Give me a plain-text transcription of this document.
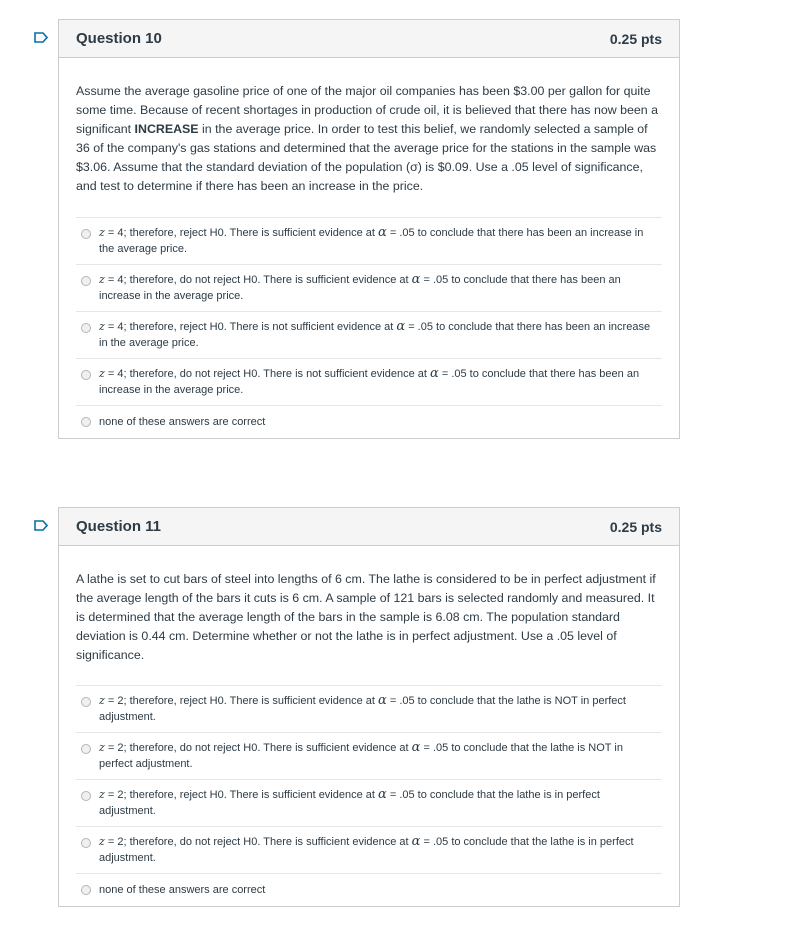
Question 10	0.25 pts
Assume the average gasoline price of one of the major oil companies has been $3.00 per gallon for quite some time. Because of recent shortages in production of crude oil, it is believed that there has now been a significant INCREASE in the average price. In order to test this belief, we randomly selected a sample of 36 of the company's gas stations and determined that the average price for the stations in the sample was $3.06. Assume that the standard deviation of the population (σ) is $0.09. Use a .05 level of significance, and test to determine if there has been an increase in the price.
z = 4; therefore, reject H0. There is sufficient evidence at α = .05 to conclude that there has been an increase in the average price.
z = 4; therefore, do not reject H0. There is sufficient evidence at α = .05 to conclude that there has been an increase in the average price.
z = 4; therefore, reject H0. There is not sufficient evidence at α = .05 to conclude that there has been an increase in the average price.
z = 4; therefore, do not reject H0. There is not sufficient evidence at α = .05 to conclude that there has been an increase in the average price.
none of these answers are correct
Question 11	0.25 pts
A lathe is set to cut bars of steel into lengths of 6 cm. The lathe is considered to be in perfect adjustment if the average length of the bars it cuts is 6 cm. A sample of 121 bars is selected randomly and measured. It is determined that the average length of the bars in the sample is 6.08 cm. The population standard deviation is 0.44 cm. Determine whether or not the lathe is in perfect adjustment. Use a .05 level of significance.
z = 2; therefore, reject H0. There is sufficient evidence at α = .05 to conclude that the lathe is NOT in perfect adjustment.
z = 2; therefore, do not reject H0. There is sufficient evidence at α = .05 to conclude that the lathe is NOT in perfect adjustment.
z = 2; therefore, reject H0. There is sufficient evidence at α = .05 to conclude that the lathe is in perfect adjustment.
z = 2; therefore, do not reject H0. There is sufficient evidence at α = .05 to conclude that the lathe is in perfect adjustment.
none of these answers are correct
